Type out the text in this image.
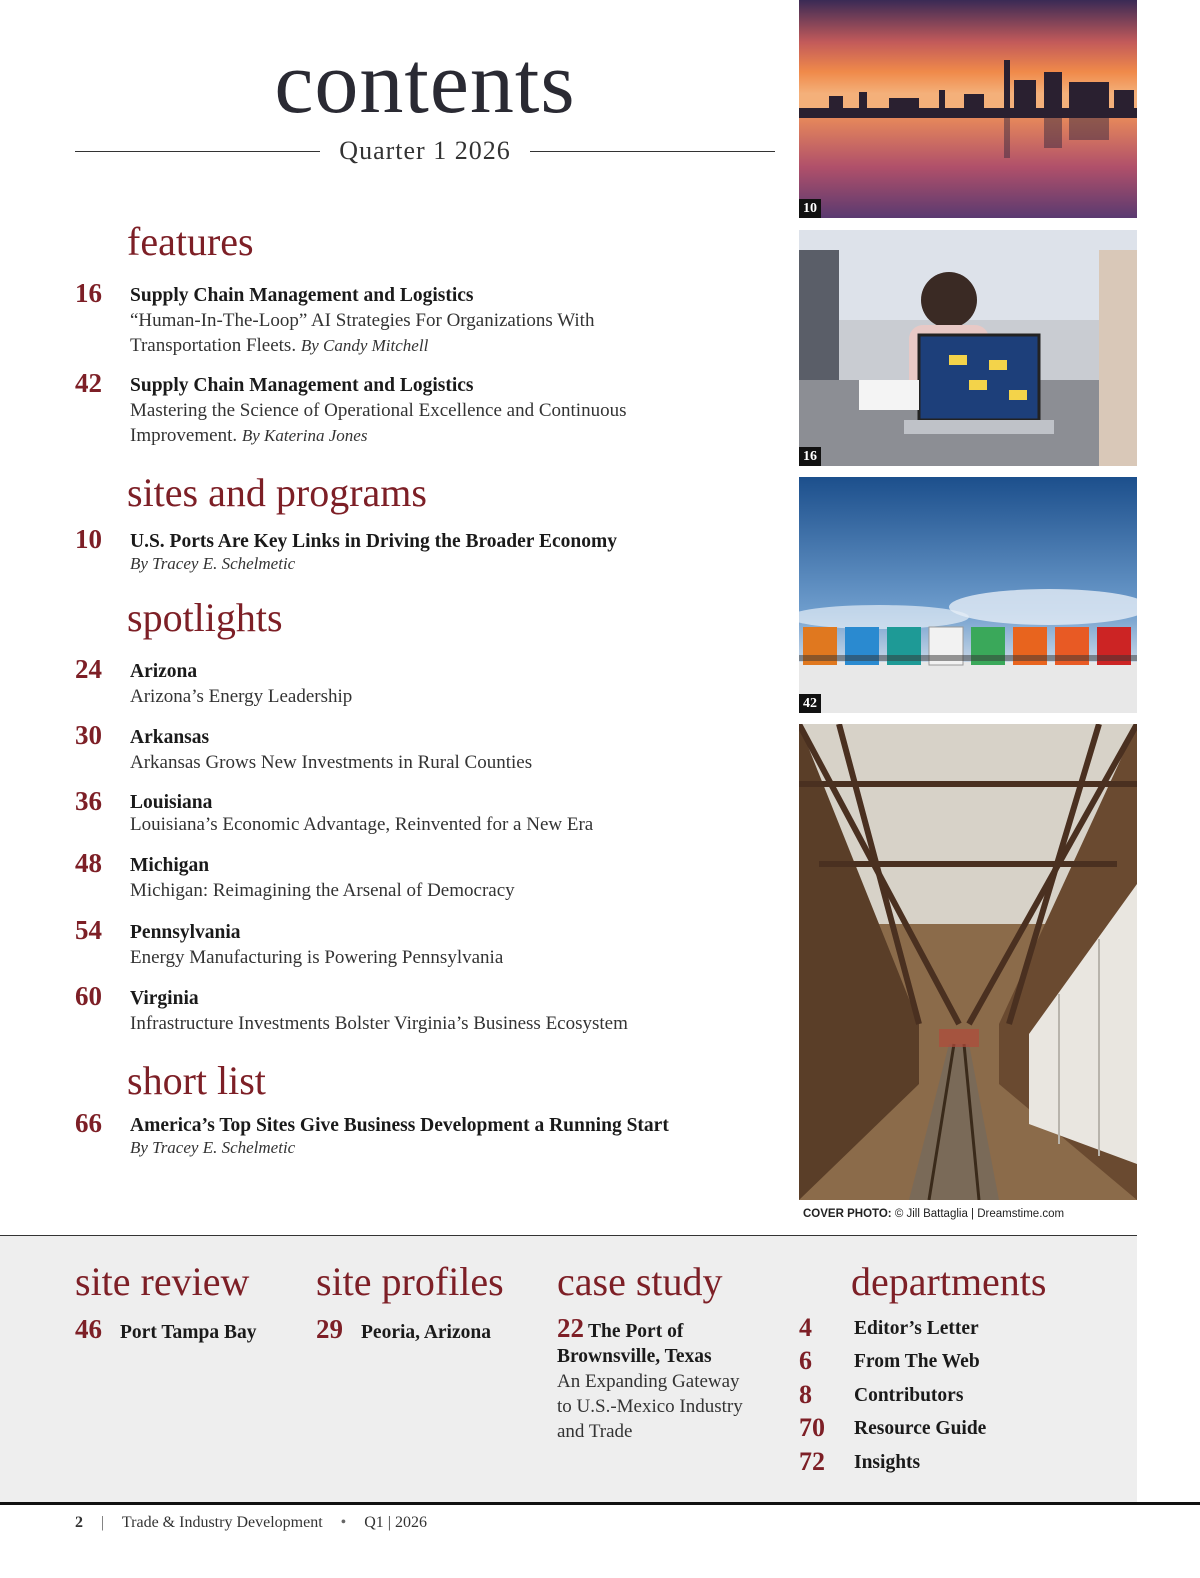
contents
Quarter 1 2026
features
16 Supply Chain Management and Logistics
“Human-In-The-Loop” AI Strategies For Organizations With
Transportation Fleets. By Candy Mitchell
42 Supply Chain Management and Logistics
Mastering the Science of Operational Excellence and Continuous
Improvement. By Katerina Jones
sites and programs
10 U.S. Ports Are Key Links in Driving the Broader Economy
By Tracey E. Schelmetic
spotlights
24 Arizona
Arizona’s Energy Leadership
30 Arkansas
Arkansas Grows New Investments in Rural Counties
36 Louisiana
Louisiana’s Economic Advantage, Reinvented for a New Era
48 Michigan
Michigan: Reimagining the Arsenal of Democracy
54 Pennsylvania
Energy Manufacturing is Powering Pennsylvania
60 Virginia
Infrastructure Investments Bolster Virginia’s Business Ecosystem
short list
66 America’s Top Sites Give Business Development a Running Start
By Tracey E. Schelmetic
10
16
42
COVER PHOTO: © Jill Battaglia | Dreamstime.com
site review
46 Port Tampa Bay
site profiles
29 Peoria, Arizona
case study
22 The Port of
Brownsville, Texas
An Expanding Gateway
to U.S.-Mexico Industry
and Trade
departments
4 Editor’s Letter
6 From The Web
8 Contributors
70 Resource Guide
72 Insights
2 | Trade & Industry Development • Q1 | 2026
